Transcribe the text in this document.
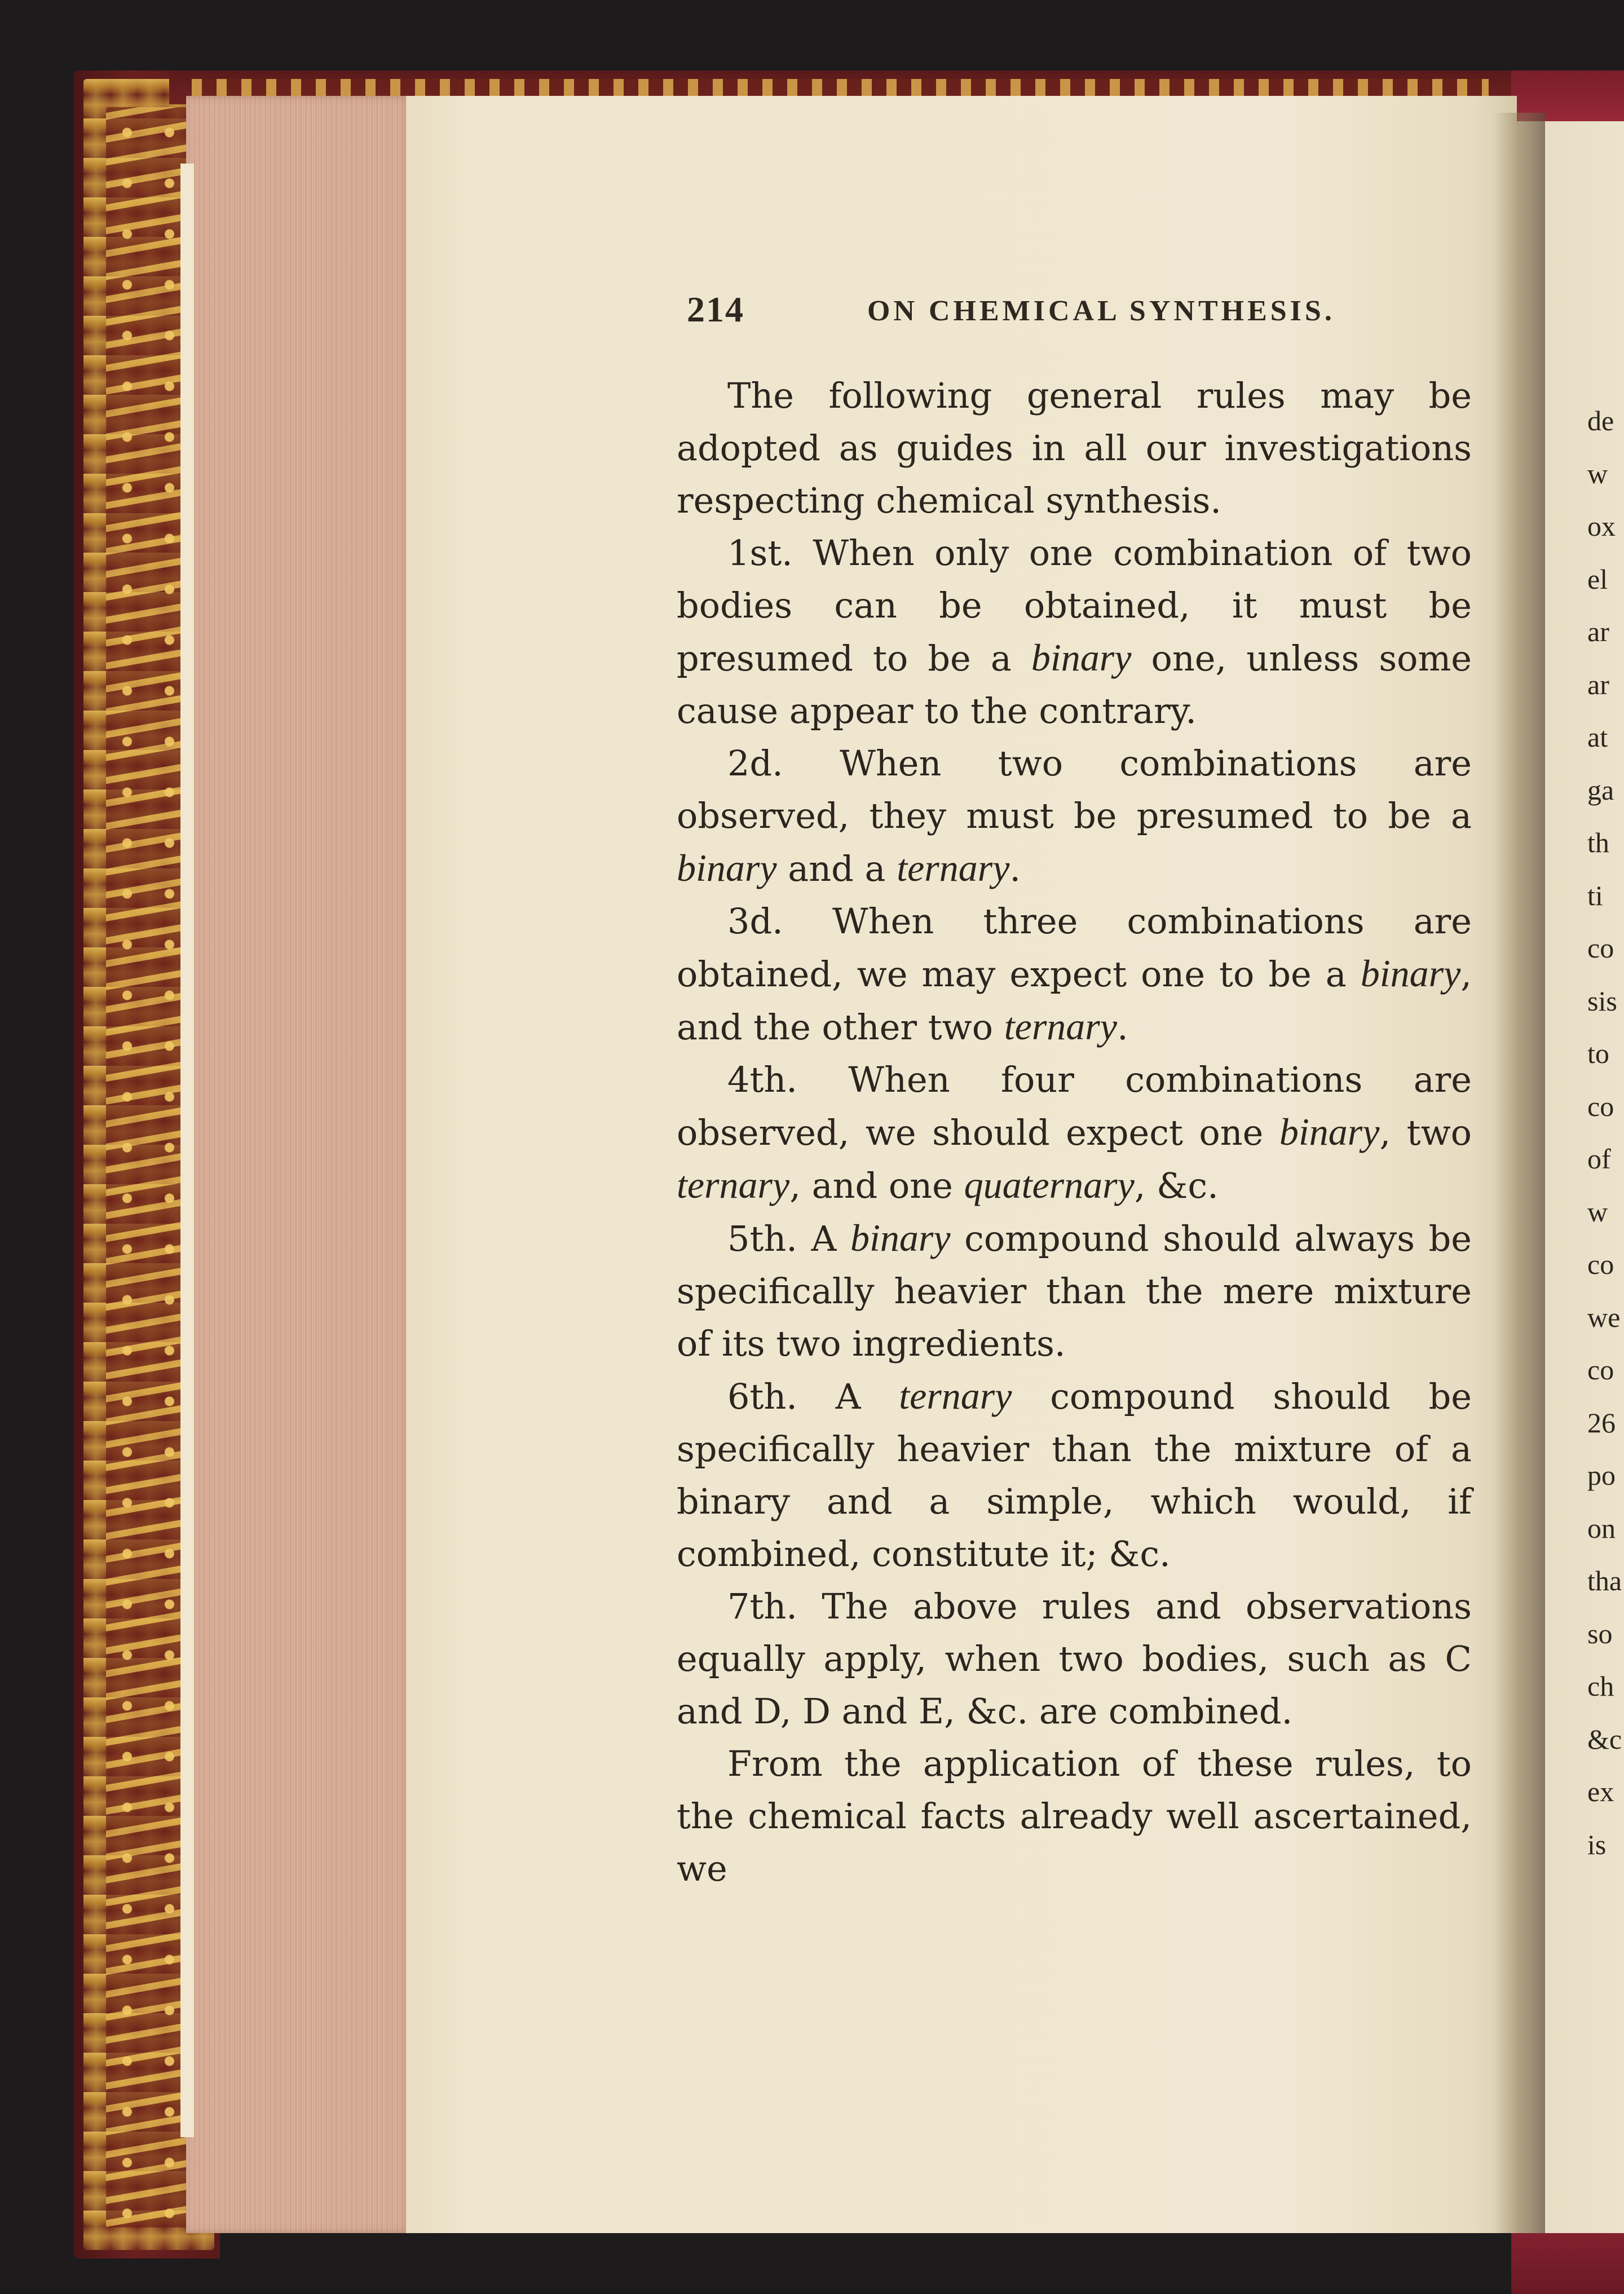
214	ON CHEMICAL SYNTHESIS.

The following general rules may be adopted as guides in all our investigations respecting chemical synthesis.

1st. When only one combination of two bodies can be obtained, it must be presumed to be a binary one, unless some cause appear to the contrary.

2d. When two combinations are observed, they must be presumed to be a binary and a ternary.

3d. When three combinations are obtained, we may expect one to be a binary, and the other two ternary.

4th. When four combinations are observed, we should expect one binary, two ternary, and one quaternary, &c.

5th. A binary compound should always be specifically heavier than the mere mixture of its two ingredients.

6th. A ternary compound should be specifically heavier than the mixture of a binary and a simple, which would, if combined, constitute it; &c.

7th. The above rules and observations equally apply, when two bodies, such as C and D, D and E, &c. are combined.

From the application of these rules, to the chemical facts already well ascertained, we

de
w
ox
el
ar
ar
at
ga
th
ti
co
sis
to
co
of
w
co
we
co
26
po
on
tha
so
ch
&c
ex
is
